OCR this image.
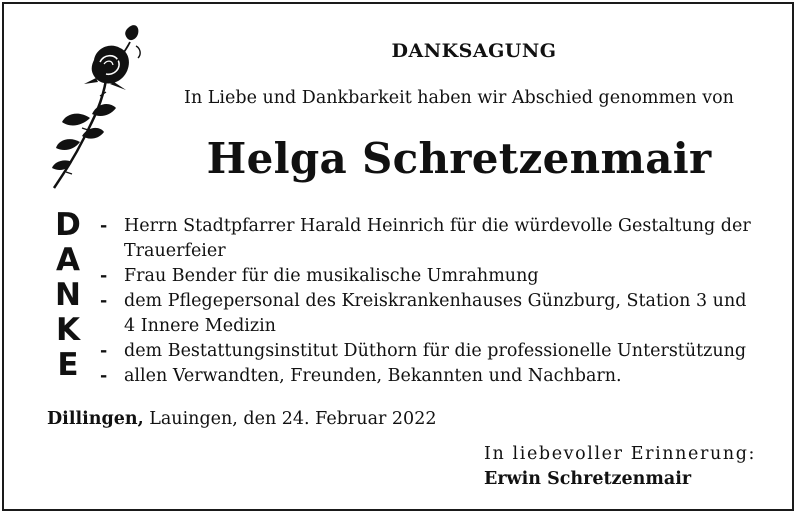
DANKSAGUNG
In Liebe und Dankbarkeit haben wir Abschied genommen von
Helga Schretzenmair
D
A
N
K
E
- Herrn Stadtpfarrer Harald Heinrich für die würdevolle Gestaltung der Trauerfeier
- Frau Bender für die musikalische Umrahmung
- dem Pflegepersonal des Kreiskrankenhauses Günzburg, Station 3 und 4 Innere Medizin
- dem Bestattungsinstitut Düthorn für die professionelle Unterstützung
- allen Verwandten, Freunden, Bekannten und Nachbarn.
Dillingen, Lauingen, den 24. Februar 2022
In liebevoller Erinnerung:
Erwin Schretzenmair
